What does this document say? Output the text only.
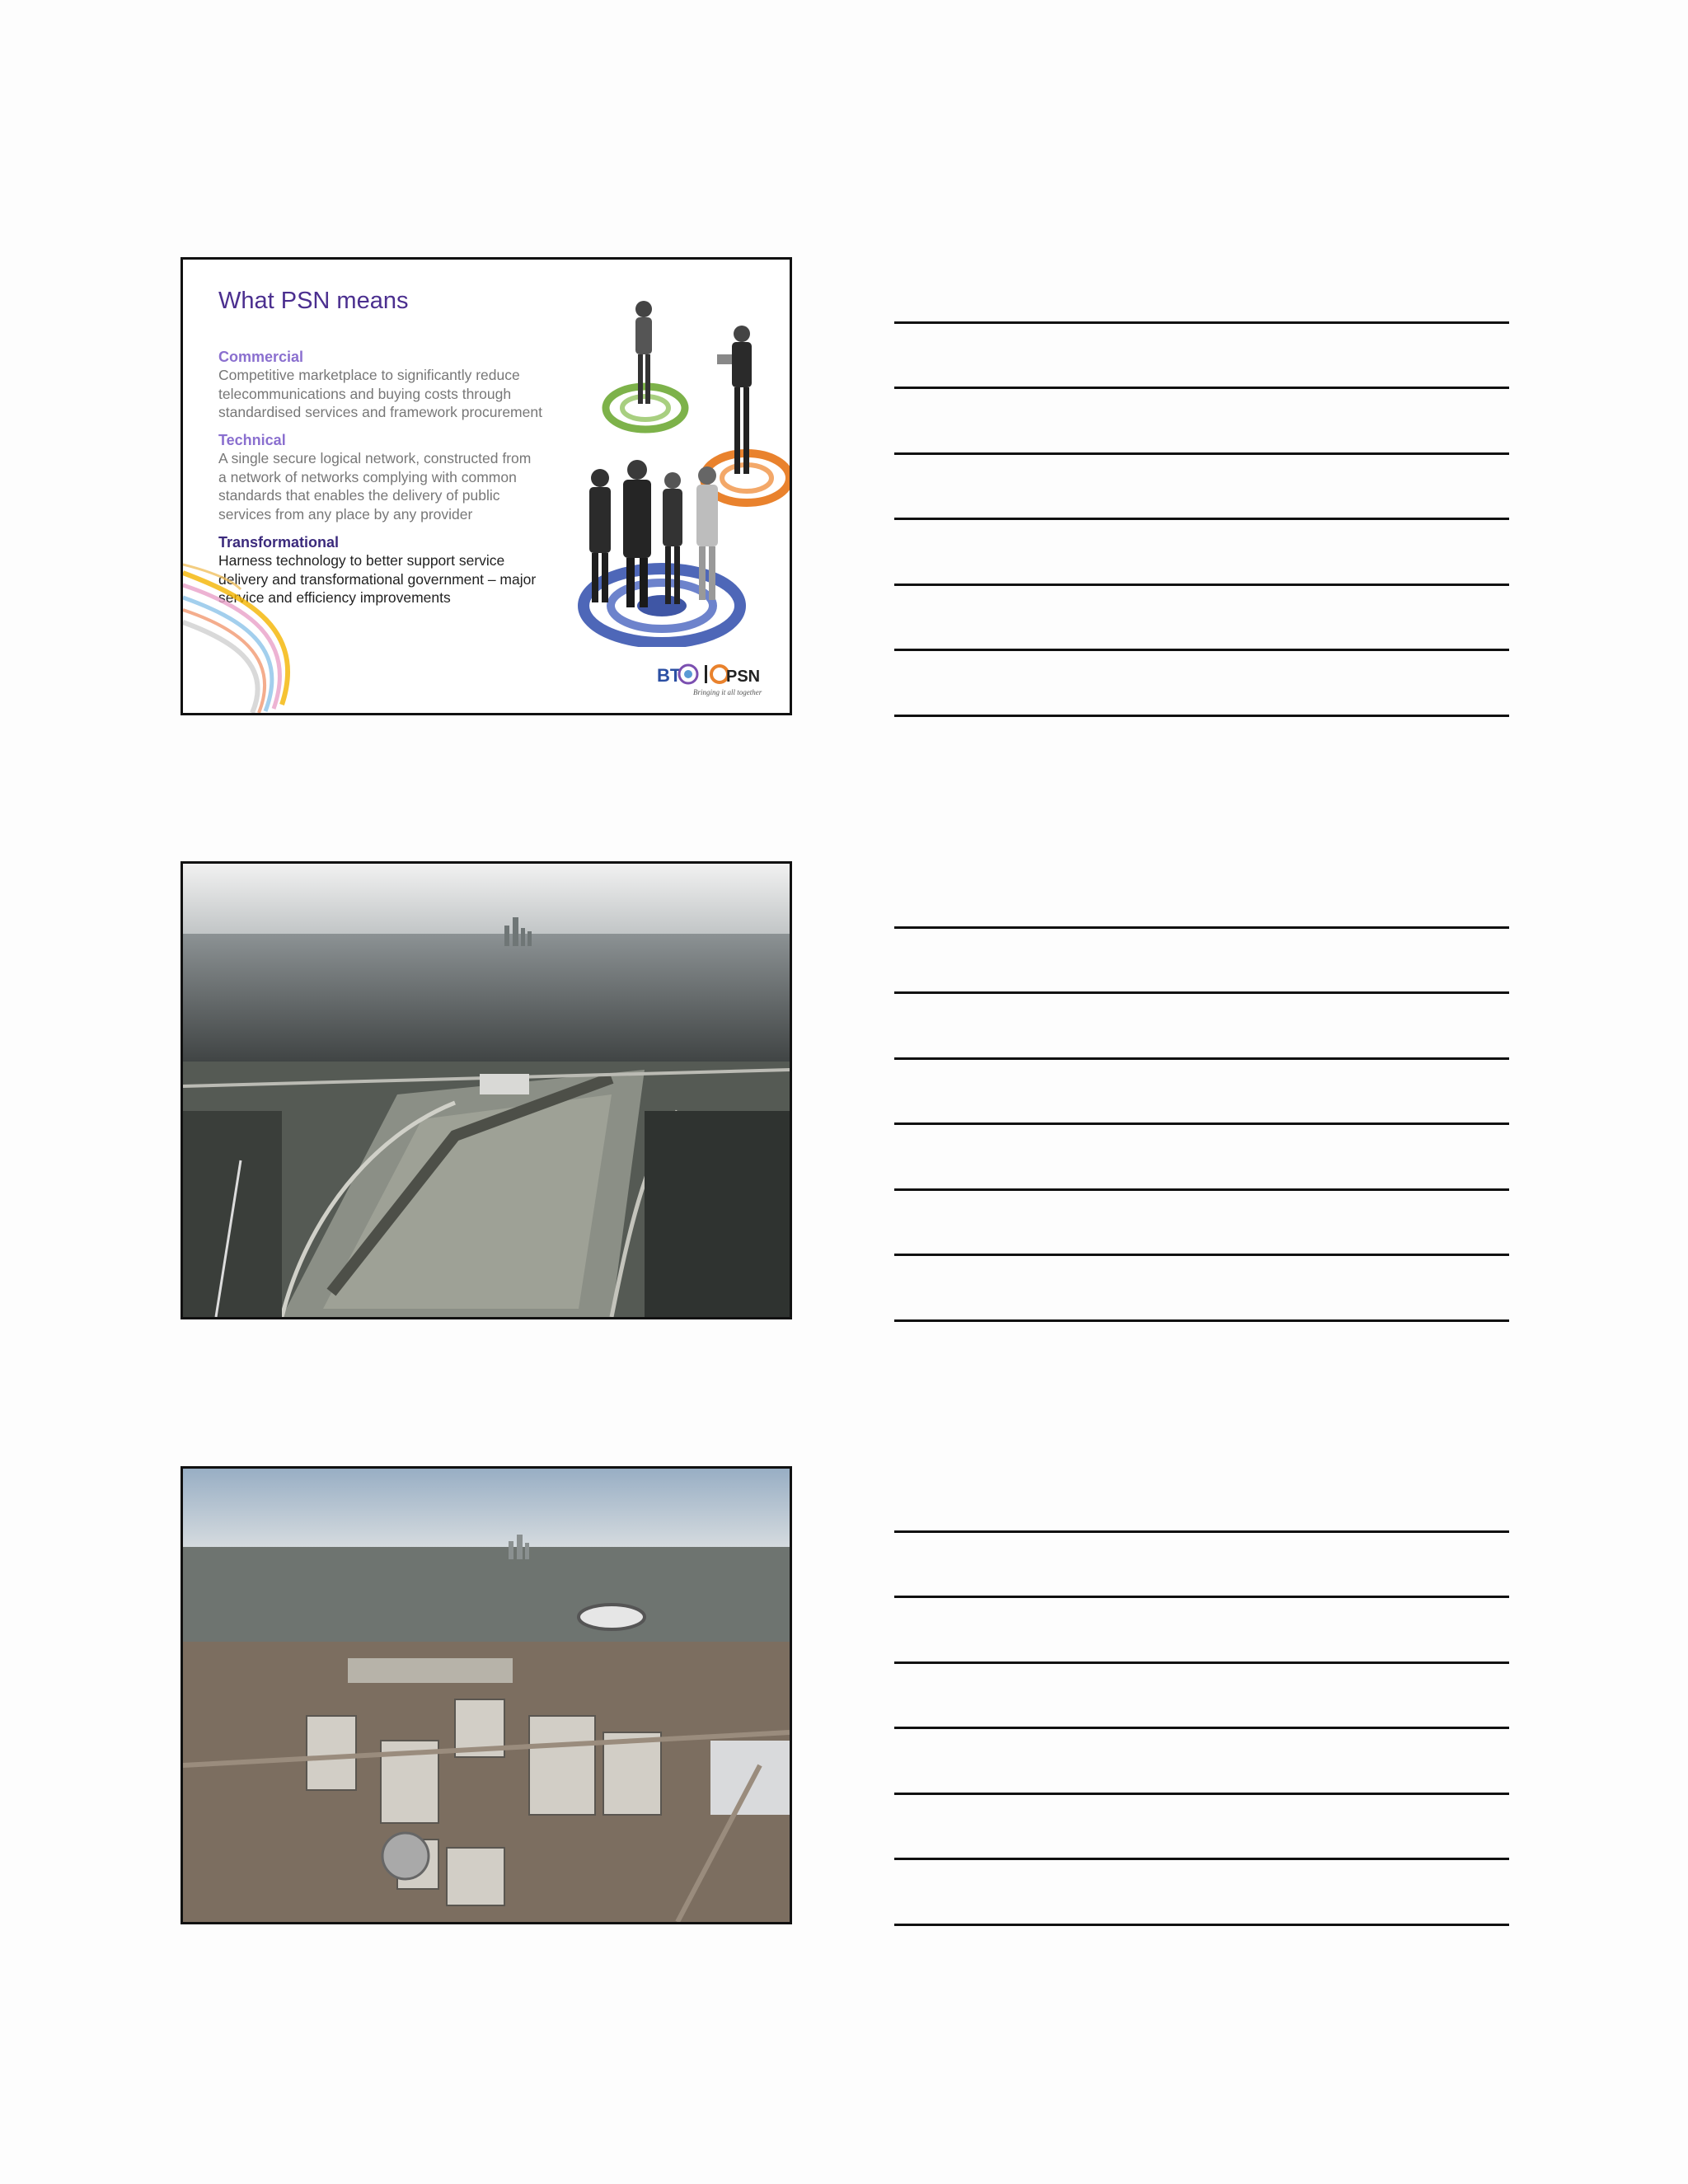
What PSN means
Commercial
Competitive marketplace to significantly reduce
telecommunications and buying costs through
standardised services and framework procurement
Technical
A single secure logical network, constructed from
a network of networks complying with common
standards that enables the delivery of public
services from any place by any provider
Transformational
Harness technology to better support service
delivery and transformational government – major
service and efficiency improvements
BT	PSN
Bringing it all together
